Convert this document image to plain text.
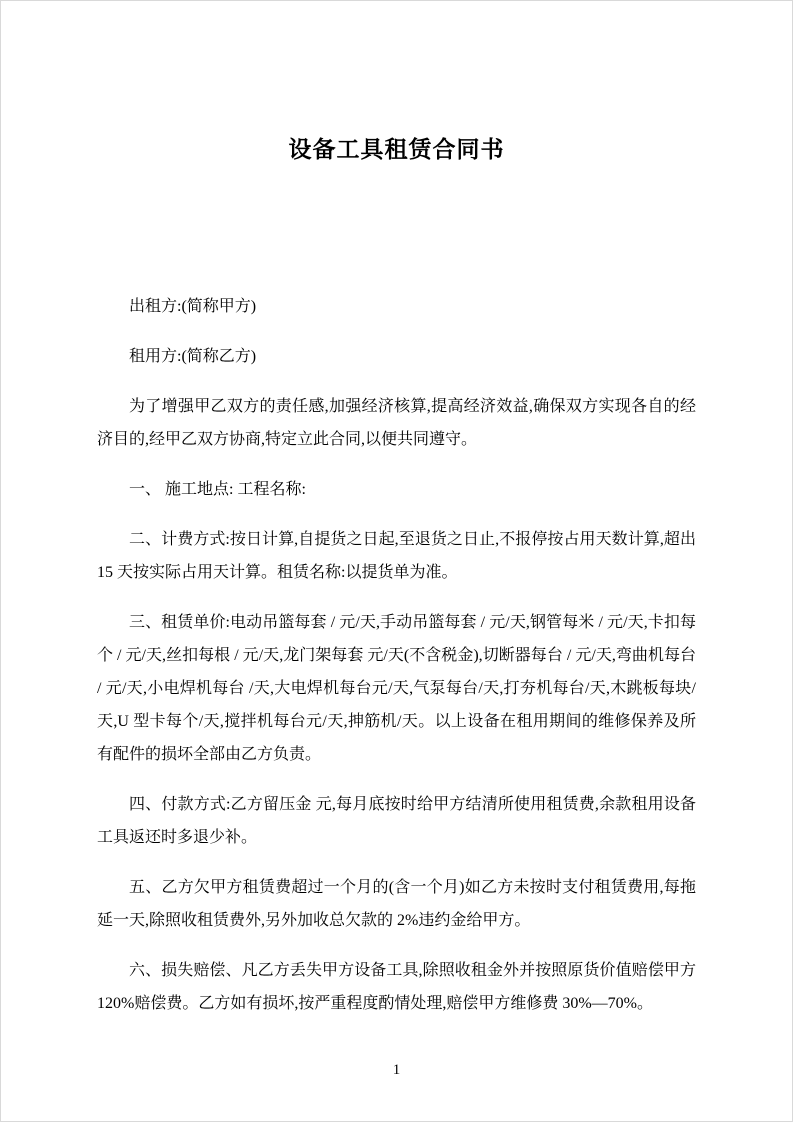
设备工具租赁合同书

出租方:(简称甲方)

租用方:(简称乙方)

为了增强甲乙双方的责任感,加强经济核算,提高经济效益,确保双方实现各自的经济目的,经甲乙双方协商,特定立此合同,以便共同遵守。

一、 施工地点: 工程名称:

二、计费方式:按日计算,自提货之日起,至退货之日止,不报停按占用天数计算,超出 15 天按实际占用天计算。租赁名称:以提货单为准。

三、租赁单价:电动吊篮每套 / 元/天,手动吊篮每套 / 元/天,钢管每米 / 元/天,卡扣每个 / 元/天,丝扣每根 / 元/天,龙门架每套 元/天(不含税金),切断器每台 / 元/天,弯曲机每台 / 元/天,小电焊机每台 /天,大电焊机每台元/天,气泵每台/天,打夯机每台/天,木跳板每块/天,U 型卡每个/天,搅拌机每台元/天,抻筋机/天。以上设备在租用期间的维修保养及所有配件的损坏全部由乙方负责。

四、付款方式:乙方留压金 元,每月底按时给甲方结清所使用租赁费,余款租用设备工具返还时多退少补。

五、乙方欠甲方租赁费超过一个月的(含一个月)如乙方未按时支付租赁费用,每拖延一天,除照收租赁费外,另外加收总欠款的 2%违约金给甲方。

六、损失赔偿、凡乙方丢失甲方设备工具,除照收租金外并按照原货价值赔偿甲方 120%赔偿费。乙方如有损坏,按严重程度酌情处理,赔偿甲方维修费 30%—70%。

1
